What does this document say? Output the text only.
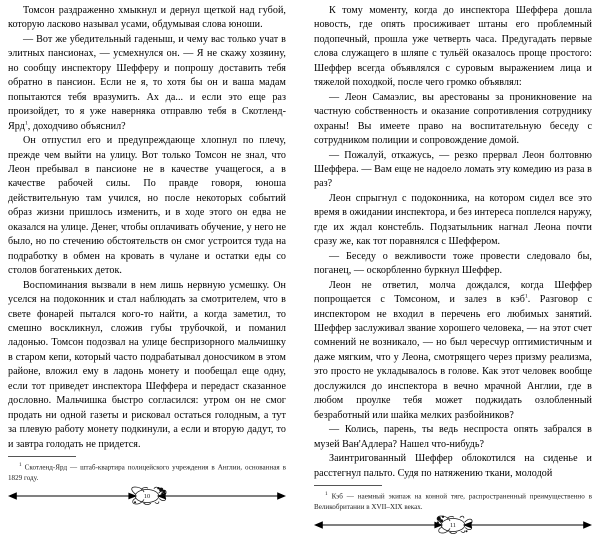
Томсон раздраженно хмыкнул и дернул щеткой над губой, которую ласково называл усами, обдумывая слова юноши.

— Вот же убедительный гаденыш, и чему вас только учат в элитных пансионах, — усмехнулся он. — Я не скажу хозяину, но сообщу инспектору Шефферу и попрошу доставить тебя обратно в пансион. Если не я, то хотя бы он и ваша мадам попытаются тебя вразумить. Ах да... и если это еще раз произойдет, то я уже наверняка отправлю тебя в Скотленд-Ярд$^1$, доходчиво объяснил?

Он отпустил его и предупреждающе хлопнул по плечу, прежде чем выйти на улицу. Вот только Томсон не знал, что Леон пребывал в пансионе не в качестве учащегося, а в качестве рабочей силы. По правде говоря, юноша действительную там учился, но после некоторых событий образ жизни пришлось изменить, и в ходе этого он едва не оказался на улице. Денег, чтобы оплачивать обучение, у него не было, но по стечению обстоятельств он смог устроится туда на подработку в обмен на кровать в чулане и остатки еды со столов богатеньких деток.

Воспоминания вызвали в нем лишь нервную усмешку. Он уселся на подоконник и стал наблюдать за смотрителем, что в свете фонарей пытался кого-то найти, а когда заметил, то смешно воскликнул, сложив губы трубочкой, и поманил ладонью. Томсон подозвал на улице беспризорного мальчишку в старом кепи, который часто подрабатывал доносчиком в этом районе, вложил ему в ладонь монету и пообещал еще одну, если тот приведет инспектора Шеффера и передаст сказанное дословно. Мальчишка быстро согласился: утром он не смог продать ни одной газеты и рисковал остаться голодным, а тут за плевую работу монету подкинули, а если и вторую дадут, то и завтра голодать не придется.

$^1$ Скотленд-Ярд — штаб-квартира полицейского учреждения в Англии, основанная в 1829 году.

10

К тому моменту, когда до инспектора Шеффера дошла новость, где опять просиживает штаны его проблемный подопечный, прошла уже четверть часа. Предугадать первые слова служащего в шляпе с тульёй оказалось проще простого: Шеффер всегда объявлялся с суровым выражением лица и тяжелой походкой, после чего громко объявлял:

— Леон Самаэлис, вы арестованы за проникновение на частную собственность и оказание сопротивления сотруднику охраны! Вы имеете право на воспитательную беседу с сотрудником полиции и сопровождение домой.

— Пожалуй, откажусь, — резко прервал Леон болтовню Шеффера. — Вам еще не надоело ломать эту комедию из раза в раз?

Леон спрыгнул с подоконника, на котором сидел все это время в ожидании инспектора, и без интереса поплелся наружу, где их ждал констебль. Подзатыльник нагнал Леона почти сразу же, как тот поравнялся с Шеффером.

— Беседу о вежливости тоже провести следовало бы, поганец, — оскорбленно буркнул Шеффер.

Леон не ответил, молча дождался, когда Шеффер попрощается с Томсоном, и залез в кэб$^1$. Разговор с инспектором не входил в перечень его любимых занятий. Шеффер заслуживал звание хорошего человека, — на этот счет сомнений не возникало, — но был чересчур оптимистичным и даже мягким, что у Леона, смотрящего через призму реализма, это просто не укладывалось в голове. Как этот человек вообще дослужился до инспектора в вечно мрачной Англии, где в любом проулке тебя может поджидать озлобленный безработный или шайка мелких разбойников?

— Колись, парень, ты ведь неспроста опять забрался в музей Ван'Адлера? Нашел что-нибудь?

Заинтригованный Шеффер облокотился на сиденье и расстегнул пальто. Судя по натяжению ткани, молодой

$^1$ Кэб — наемный экипаж на конной тяге, распространенный преимущественно в Великобритании в XVII–XIX веках.

11
